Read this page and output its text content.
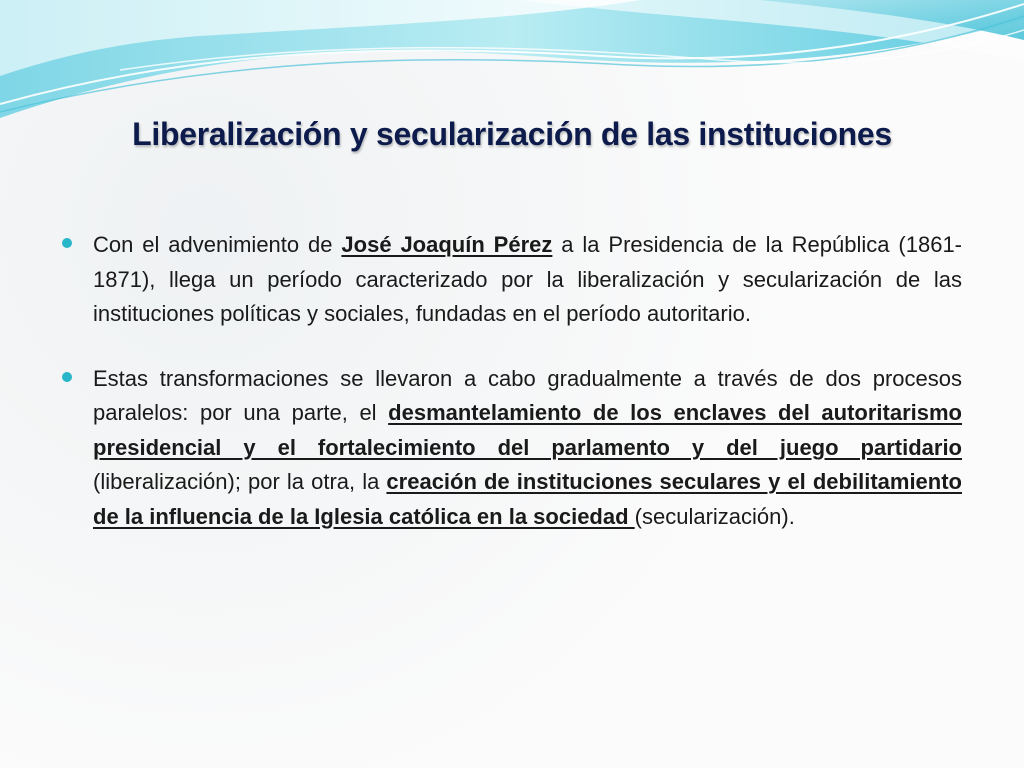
Liberalización y secularización de las instituciones
Con el advenimiento de José Joaquín Pérez a la Presidencia de la República (1861-1871), llega un período caracterizado por la liberalización y secularización de las instituciones políticas y sociales, fundadas en el período autoritario.
Estas transformaciones se llevaron a cabo gradualmente a través de dos procesos paralelos: por una parte, el desmantelamiento de los enclaves del autoritarismo presidencial y el fortalecimiento del parlamento y del juego partidario (liberalización); por la otra, la creación de instituciones seculares y el debilitamiento de la influencia de la Iglesia católica en la sociedad (secularización).
